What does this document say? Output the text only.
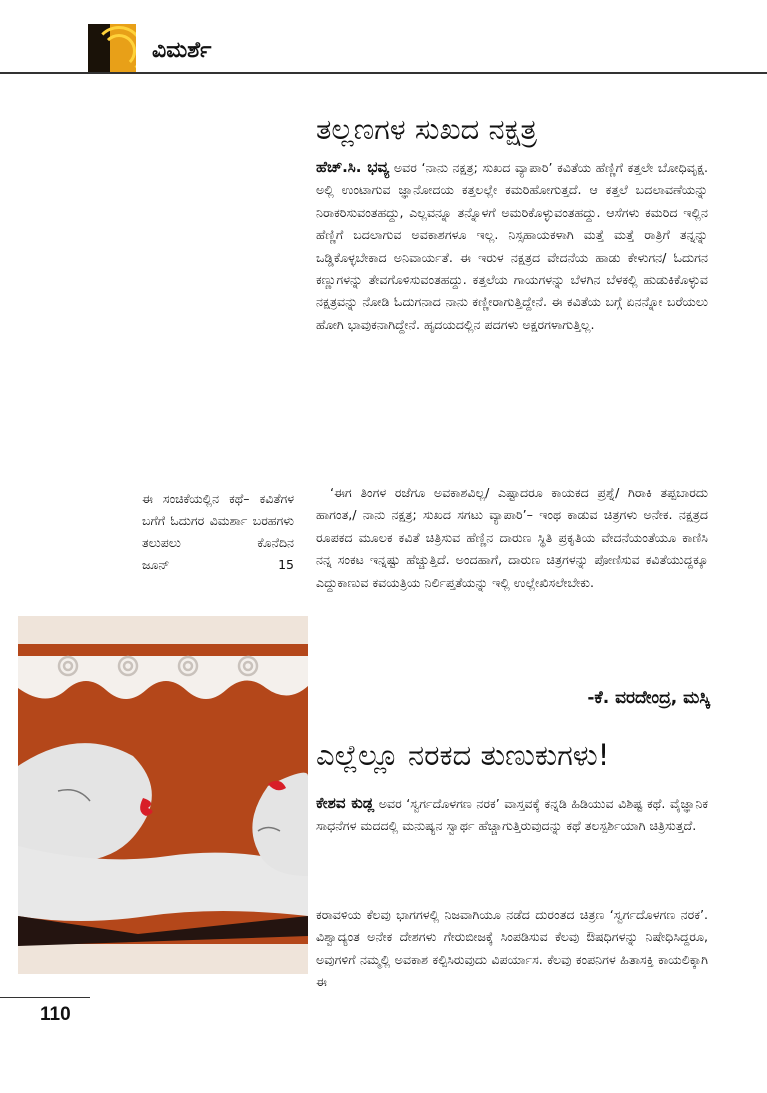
ವಿಮರ್ಶೆ
ತಲ್ಲಣಗಳ ಸುಖದ ನಕ್ಷತ್ರ

ಹೆಚ್.ಸಿ. ಭವ್ಯ ಅವರ ‘ನಾನು ನಕ್ಷತ್ರ; ಸುಖದ ವ್ಯಾಪಾರಿ’ ಕವಿತೆಯ ಹೆಣ್ಣಿಗೆ ಕತ್ತಲೇ ಬೋಧಿವೃಕ್ಷ. ಅಲ್ಲಿ ಉಂಟಾಗುವ ಜ್ಞಾನೋದಯ ಕತ್ತಲಲ್ಲೇ ಕಮರಿಹೋಗುತ್ತದೆ. ಆ ಕತ್ತಲೆ ಬದಲಾವಣೆಯನ್ನು ನಿರಾಕರಿಸುವಂತಹದ್ದು, ಎಲ್ಲವನ್ನೂ ತನ್ನೊಳಗೆ ಅಮರಿಕೊಳ್ಳುವಂತಹದ್ದು. ಆಸೆಗಳು ಕಮರಿದ ಇಲ್ಲಿನ ಹೆಣ್ಣಿಗೆ ಬದಲಾಗುವ ಅವಕಾಶಗಳೂ ಇಲ್ಲ. ನಿಸ್ಸಹಾಯಕಳಾಗಿ ಮತ್ತೆ ಮತ್ತೆ ರಾತ್ರಿಗೆ ತನ್ನನ್ನು ಒಡ್ಡಿಕೊಳ್ಳಬೇಕಾದ ಅನಿವಾರ್ಯತೆ. ಈ ಇರುಳ ನಕ್ಷತ್ರದ ವೇದನೆಯ ಹಾಡು ಕೇಳುಗನ/ ಓದುಗನ ಕಣ್ಣುಗಳನ್ನು ತೇವಗೊಳಿಸುವಂತಹದ್ದು. ಕತ್ತಲೆಯ ಗಾಯಗಳನ್ನು ಬೆಳಗಿನ ಬೆಳಕಲ್ಲಿ ಹುಡುಕಿಕೊಳ್ಳುವ ನಕ್ಷತ್ರವನ್ನು ನೋಡಿ ಓದುಗನಾದ ನಾನು ಕಣ್ಣೀರಾಗುತ್ತಿದ್ದೇನೆ. ಈ ಕವಿತೆಯ ಬಗ್ಗೆ ಏನನ್ನೋ ಬರೆಯಲು ಹೋಗಿ ಭಾವುಕನಾಗಿದ್ದೇನೆ. ಹೃದಯದಲ್ಲಿನ ಪದಗಳು ಅಕ್ಷರಗಳಾಗುತ್ತಿಲ್ಲ.

‘ಈಗ ತಿಂಗಳ ರಜೆಗೂ ಅವಕಾಶವಿಲ್ಲ/ ಎಷ್ಟಾದರೂ ಕಾಯಕದ ಪ್ರಶ್ನೆ/ ಗಿರಾಕಿ ತಪ್ಪಬಾರದು ಹಾಗಂತ,/ ನಾನು ನಕ್ಷತ್ರ; ಸುಖದ ಸಗಟು ವ್ಯಾಪಾರಿ’– ಇಂಥ ಕಾಡುವ ಚಿತ್ರಗಳು ಅನೇಕ. ನಕ್ಷತ್ರದ ರೂಪಕದ ಮೂಲಕ ಕವಿತೆ ಚಿತ್ರಿಸುವ ಹೆಣ್ಣಿನ ದಾರುಣ ಸ್ಥಿತಿ ಪ್ರಕೃತಿಯ ವೇದನೆಯಂತೆಯೂ ಕಾಣಿಸಿ ನನ್ನ ಸಂಕಟ ಇನ್ನಷ್ಟು ಹೆಚ್ಚುತ್ತಿದೆ. ಅಂದಹಾಗೆ, ದಾರುಣ ಚಿತ್ರಗಳನ್ನು ಪೋಣಿಸುವ ಕವಿತೆಯುದ್ದಕ್ಕೂ ಎದ್ದುಕಾಣುವ ಕವಯತ್ರಿಯ ನಿರ್ಲಿಪ್ತತೆಯನ್ನು ಇಲ್ಲಿ ಉಲ್ಲೇಖಿಸಲೇಬೇಕು.

-ಕೆ. ವರದೇಂದ್ರ, ಮಸ್ಕಿ

ಈ ಸಂಚಿಕೆಯಲ್ಲಿನ ಕಥೆ– ಕವಿತೆಗಳ ಬಗೆಗೆ ಓದುಗರ ವಿಮರ್ಶಾ ಬರಹಗಳು ತಲುಪಲು ಕೊನೆದಿನ
ಜೂನ್ 15

ಎಲ್ಲೆಲ್ಲೂ ನರಕದ ತುಣುಕುಗಳು!

ಕೇಶವ ಕುಡ್ಲ ಅವರ ‘ಸ್ವರ್ಗದೊಳಗಣ ನರಕ’ ವಾಸ್ತವಕ್ಕೆ ಕನ್ನಡಿ ಹಿಡಿಯುವ ವಿಶಿಷ್ಟ ಕಥೆ. ವೈಜ್ಞಾನಿಕ ಸಾಧನೆಗಳ ಮದದಲ್ಲಿ ಮನುಷ್ಯನ ಸ್ವಾರ್ಥ ಹೆಚ್ಚಾಗುತ್ತಿರುವುದನ್ನು ಕಥೆ ತಲಸ್ಪರ್ಶಿಯಾಗಿ ಚಿತ್ರಿಸುತ್ತದೆ.

ಕರಾವಳಿಯ ಕೆಲವು ಭಾಗಗಳಲ್ಲಿ ನಿಜವಾಗಿಯೂ ನಡೆದ ದುರಂತದ ಚಿತ್ರಣ ‘ಸ್ವರ್ಗದೊಳಗಣ ನರಕ’. ವಿಶ್ವಾದ್ಯಂತ ಅನೇಕ ದೇಶಗಳು ಗೇರುಬೀಜಕ್ಕೆ ಸಿಂಪಡಿಸುವ ಕೆಲವು ಔಷಧಿಗಳನ್ನು ನಿಷೇಧಿಸಿದ್ದರೂ, ಅವುಗಳಿಗೆ ನಮ್ಮಲ್ಲಿ ಅವಕಾಶ ಕಲ್ಪಿಸಿರುವುದು ವಿಪರ್ಯಾಸ. ಕೆಲವು ಕಂಪನಿಗಳ ಹಿತಾಸಕ್ತಿ ಕಾಯಲಿಕ್ಕಾಗಿ ಈ

110
